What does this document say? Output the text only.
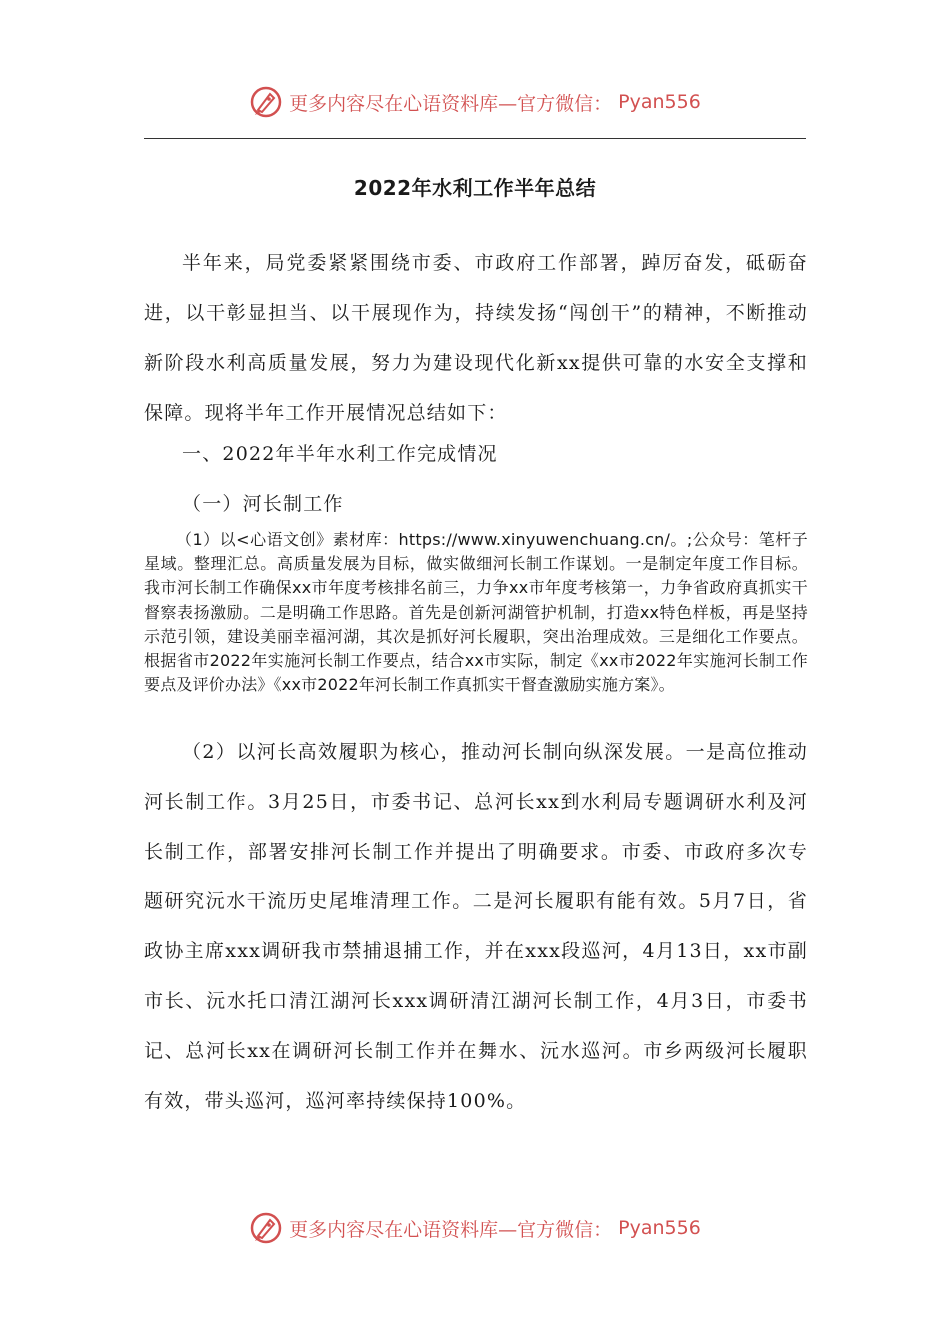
更多内容尽在心语资料库—官方微信： Pyan556
2022年水利工作半年总结

半年来，局党委紧紧围绕市委、市政府工作部署，踔厉奋发，砥砺奋进，以干彰显担当、以干展现作为，持续发扬“闯创干”的精神，不断推动新阶段水利高质量发展，努力为建设现代化新xx提供可靠的水安全支撑和保障。现将半年工作开展情况总结如下：

一、2022年半年水利工作完成情况

（一）河长制工作

（1）以<心语文创》素材库：https://www.xinyuwenchuang.cn/。;公众号：笔杆子星域。整理汇总。高质量发展为目标，做实做细河长制工作谋划。一是制定年度工作目标。我市河长制工作确保xx市年度考核排名前三，力争xx市年度考核第一，力争省政府真抓实干督察表扬激励。二是明确工作思路。首先是创新河湖管护机制，打造xx特色样板，再是坚持示范引领，建设美丽幸福河湖，其次是抓好河长履职，突出治理成效。三是细化工作要点。根据省市2022年实施河长制工作要点，结合xx市实际，制定《xx市2022年实施河长制工作要点及评价办法》《xx市2022年河长制工作真抓实干督查激励实施方案》。

（2）以河长高效履职为核心，推动河长制向纵深发展。一是高位推动河长制工作。3月25日，市委书记、总河长xx到水利局专题调研水利及河长制工作，部署安排河长制工作并提出了明确要求。市委、市政府多次专题研究沅水干流历史尾堆清理工作。二是河长履职有能有效。5月7日，省政协主席xxx调研我市禁捕退捕工作，并在xxx段巡河，4月13日，xx市副市长、沅水托口清江湖河长xxx调研清江湖河长制工作，4月3日，市委书记、总河长xx在调研河长制工作并在舞水、沅水巡河。市乡两级河长履职有效，带头巡河，巡河率持续保持100%。

更多内容尽在心语资料库—官方微信： Pyan556
